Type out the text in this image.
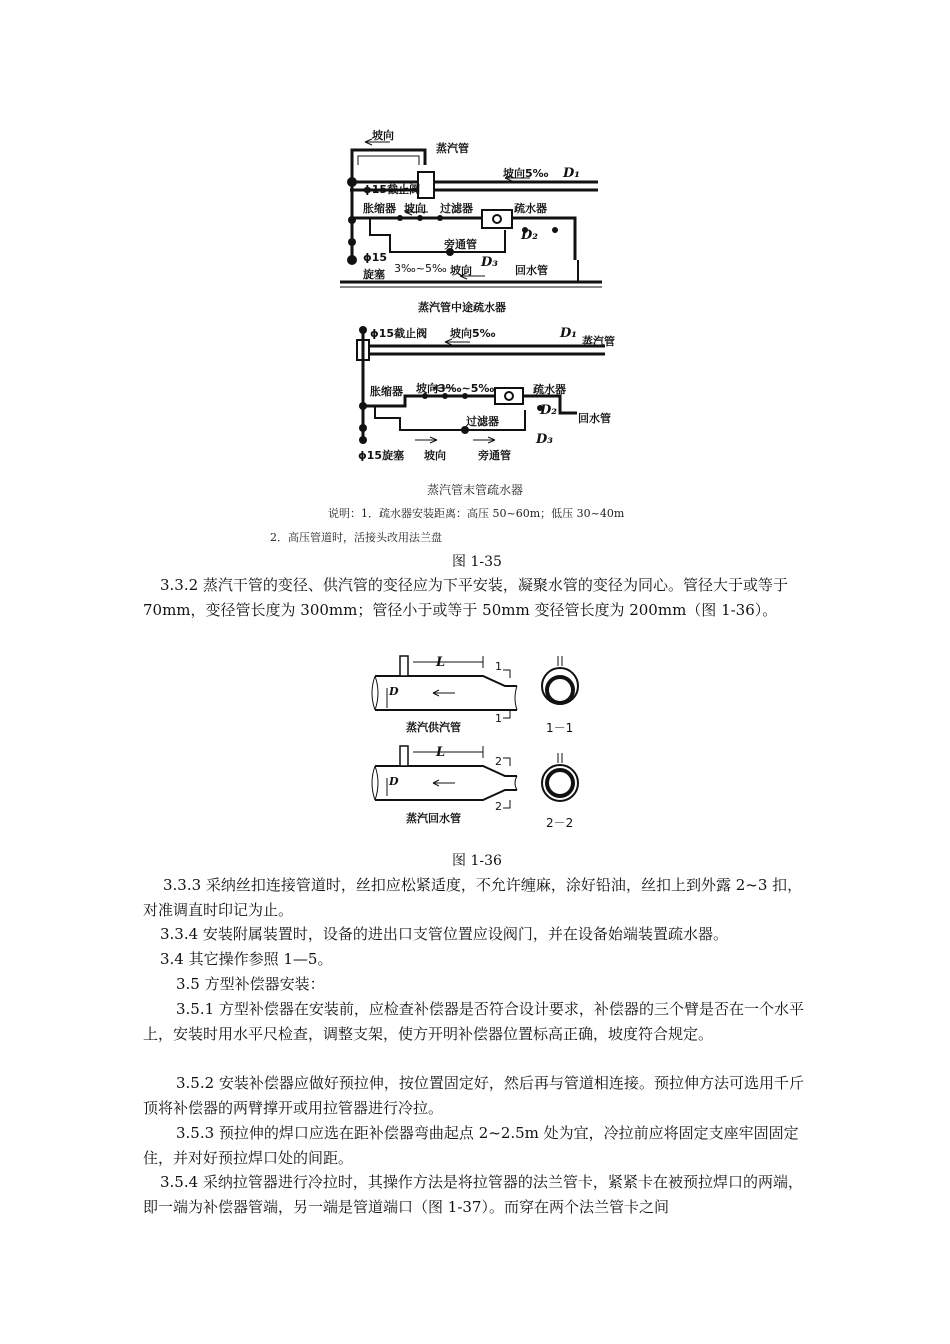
坡向
蒸汽管
坡向5‰ D₁
ϕ15截止阀
胀缩器 坡向 过滤器	疏水器
D₂
旁通管
ϕ15
旋塞 3‰~5‰ 坡向
D₃
回水管
蒸汽管中途疏水器
ϕ15截止阀 坡向5‰	D₁
蒸汽管
胀缩器 坡向3‰~5‰	疏水器
D₂
回水管
过滤器
D₃
ϕ15旋塞 坡向	旁通管
蒸汽管末管疏水器
说明：1．疏水器安装距离：高压 50~60m；低压 30~40m
2．高压管道时，活接头改用法兰盘
图 1-35
3.3.2 蒸汽干管的变径、供汽管的变径应为下平安装，凝聚水管的变径为同心。管径大于或等于 70mm，变径管长度为 300mm；管径小于或等于 50mm 变径管长度为 200mm（图 1-36）。
L	1
D
1
蒸汽供汽管	1－1
L
2
D
2
蒸汽回水管	2－2
图 1-36
3.3.3 采纳丝扣连接管道时，丝扣应松紧适度，不允许缠麻，涂好铅油，丝扣上到外露 2~3 扣，对准调直时印记为止。
3.3.4 安装附属装置时，设备的进出口支管位置应设阀门，并在设备始端装置疏水器。
3.4 其它操作参照 1—5。
3.5 方型补偿器安装：
3.5.1 方型补偿器在安装前，应检查补偿器是否符合设计要求，补偿器的三个臂是否在一个水平上，安装时用水平尺检查，调整支架，使方开明补偿器位置标高正确，坡度符合规定。
3.5.2 安装补偿器应做好预拉伸，按位置固定好，然后再与管道相连接。预拉伸方法可选用千斤顶将补偿器的两臂撑开或用拉管器进行冷拉。
3.5.3 预拉伸的焊口应选在距补偿器弯曲起点 2~2.5m 处为宜，冷拉前应将固定支座牢固固定住，并对好预拉焊口处的间距。
3.5.4 采纳拉管器进行冷拉时，其操作方法是将拉管器的法兰管卡，紧紧卡在被预拉焊口的两端，即一端为补偿器管端，另一端是管道端口（图 1-37）。而穿在两个法兰管卡之间
